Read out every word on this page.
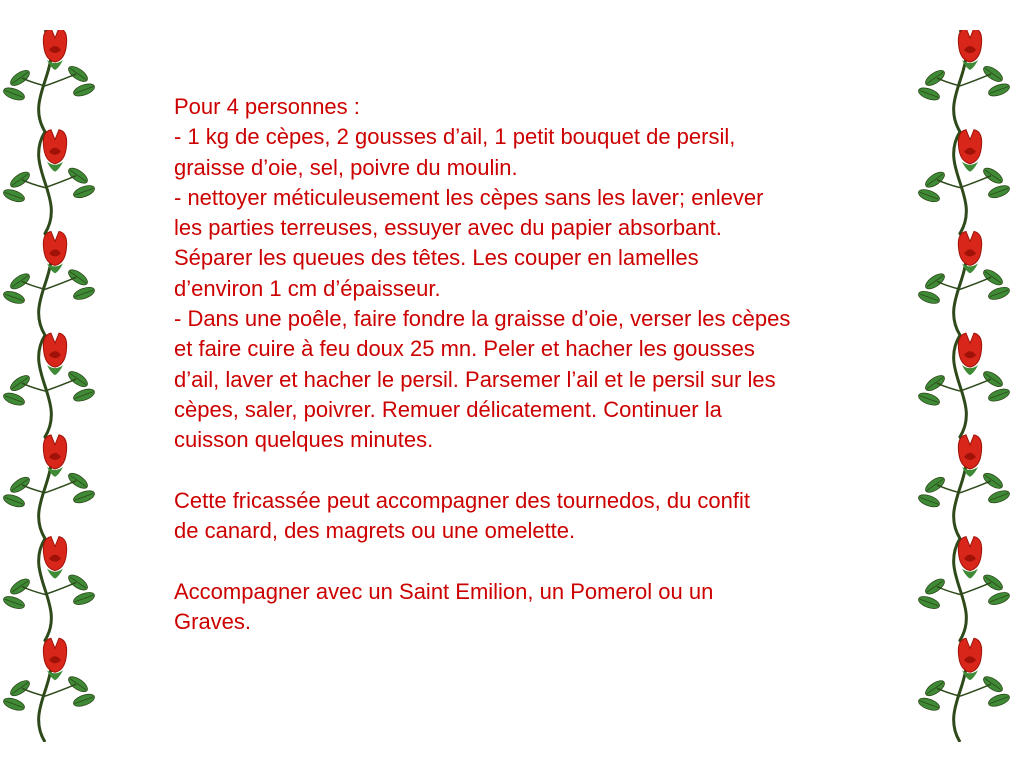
Pour 4 personnes :

- 1 kg de cèpes, 2 gousses d’ail, 1 petit bouquet de persil,

graisse d’oie, sel, poivre du moulin.

- nettoyer méticuleusement les cèpes sans les laver; enlever

les parties terreuses, essuyer avec du papier absorbant.

Séparer les queues des têtes. Les couper en lamelles

d’environ 1 cm d’épaisseur.

- Dans une poêle, faire fondre la graisse d’oie, verser les cèpes

et faire cuire à feu doux 25 mn. Peler et hacher les gousses

d’ail, laver et hacher le persil. Parsemer l’ail et le persil sur les

cèpes, saler, poivrer. Remuer délicatement. Continuer la

cuisson quelques minutes.

Cette fricassée peut accompagner des tournedos, du confit

de canard, des magrets ou une omelette.

Accompagner avec un Saint Emilion, un Pomerol ou un

Graves.
